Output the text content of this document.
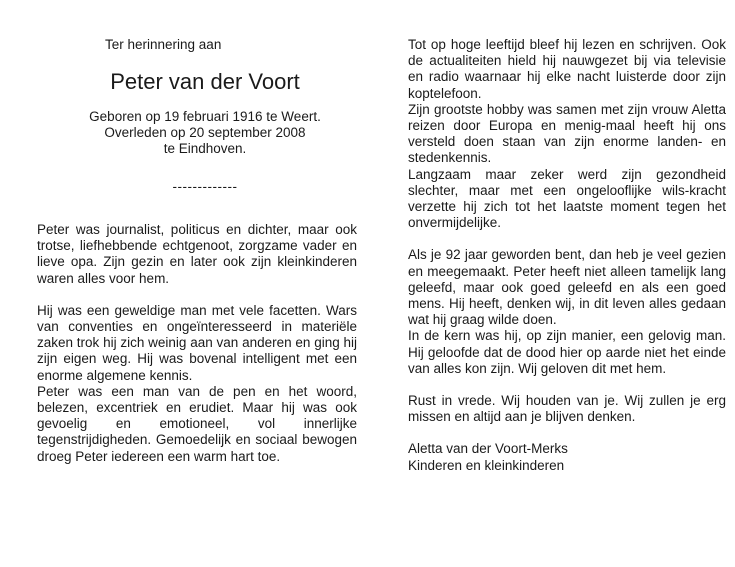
Ter herinnering aan
Peter van der Voort
Geboren op 19 februari 1916 te Weert.
Overleden op 20 september 2008
te Eindhoven.
-------------

Peter was journalist, politicus en dichter, maar ook trotse, liefhebbende echtgenoot, zorgzame vader en lieve opa. Zijn gezin en later ook zijn kleinkinderen waren alles voor hem.

Hij was een geweldige man met vele facetten. Wars van conventies en ongeïnteresseerd in materiële zaken trok hij zich weinig aan van anderen en ging hij zijn eigen weg. Hij was bovenal intelligent met een enorme algemene kennis.

Peter was een man van de pen en het woord, belezen, excentriek en erudiet. Maar hij was ook gevoelig en emotioneel, vol innerlijke tegenstrijdigheden. Gemoedelijk en sociaal bewogen droeg Peter iedereen een warm hart toe.

Tot op hoge leeftijd bleef hij lezen en schrijven. Ook de actualiteiten hield hij nauwgezet bij via televisie en radio waarnaar hij elke nacht luisterde door zijn koptelefoon.

Zijn grootste hobby was samen met zijn vrouw Aletta reizen door Europa en menig-maal heeft hij ons versteld doen staan van zijn enorme landen- en stedenkennis.

Langzaam maar zeker werd zijn gezondheid slechter, maar met een ongelooflijke wils-kracht verzette hij zich tot het laatste moment tegen het onvermijdelijke.

Als je 92 jaar geworden bent, dan heb je veel gezien en meegemaakt. Peter heeft niet alleen tamelijk lang geleefd, maar ook goed geleefd en als een goed mens. Hij heeft, denken wij, in dit leven alles gedaan wat hij graag wilde doen.

In de kern was hij, op zijn manier, een gelovig man. Hij geloofde dat de dood hier op aarde niet het einde van alles kon zijn. Wij geloven dit met hem.

Rust in vrede. Wij houden van je. Wij zullen je erg missen en altijd aan je blijven denken.

Aletta van der Voort-Merks

Kinderen en kleinkinderen
